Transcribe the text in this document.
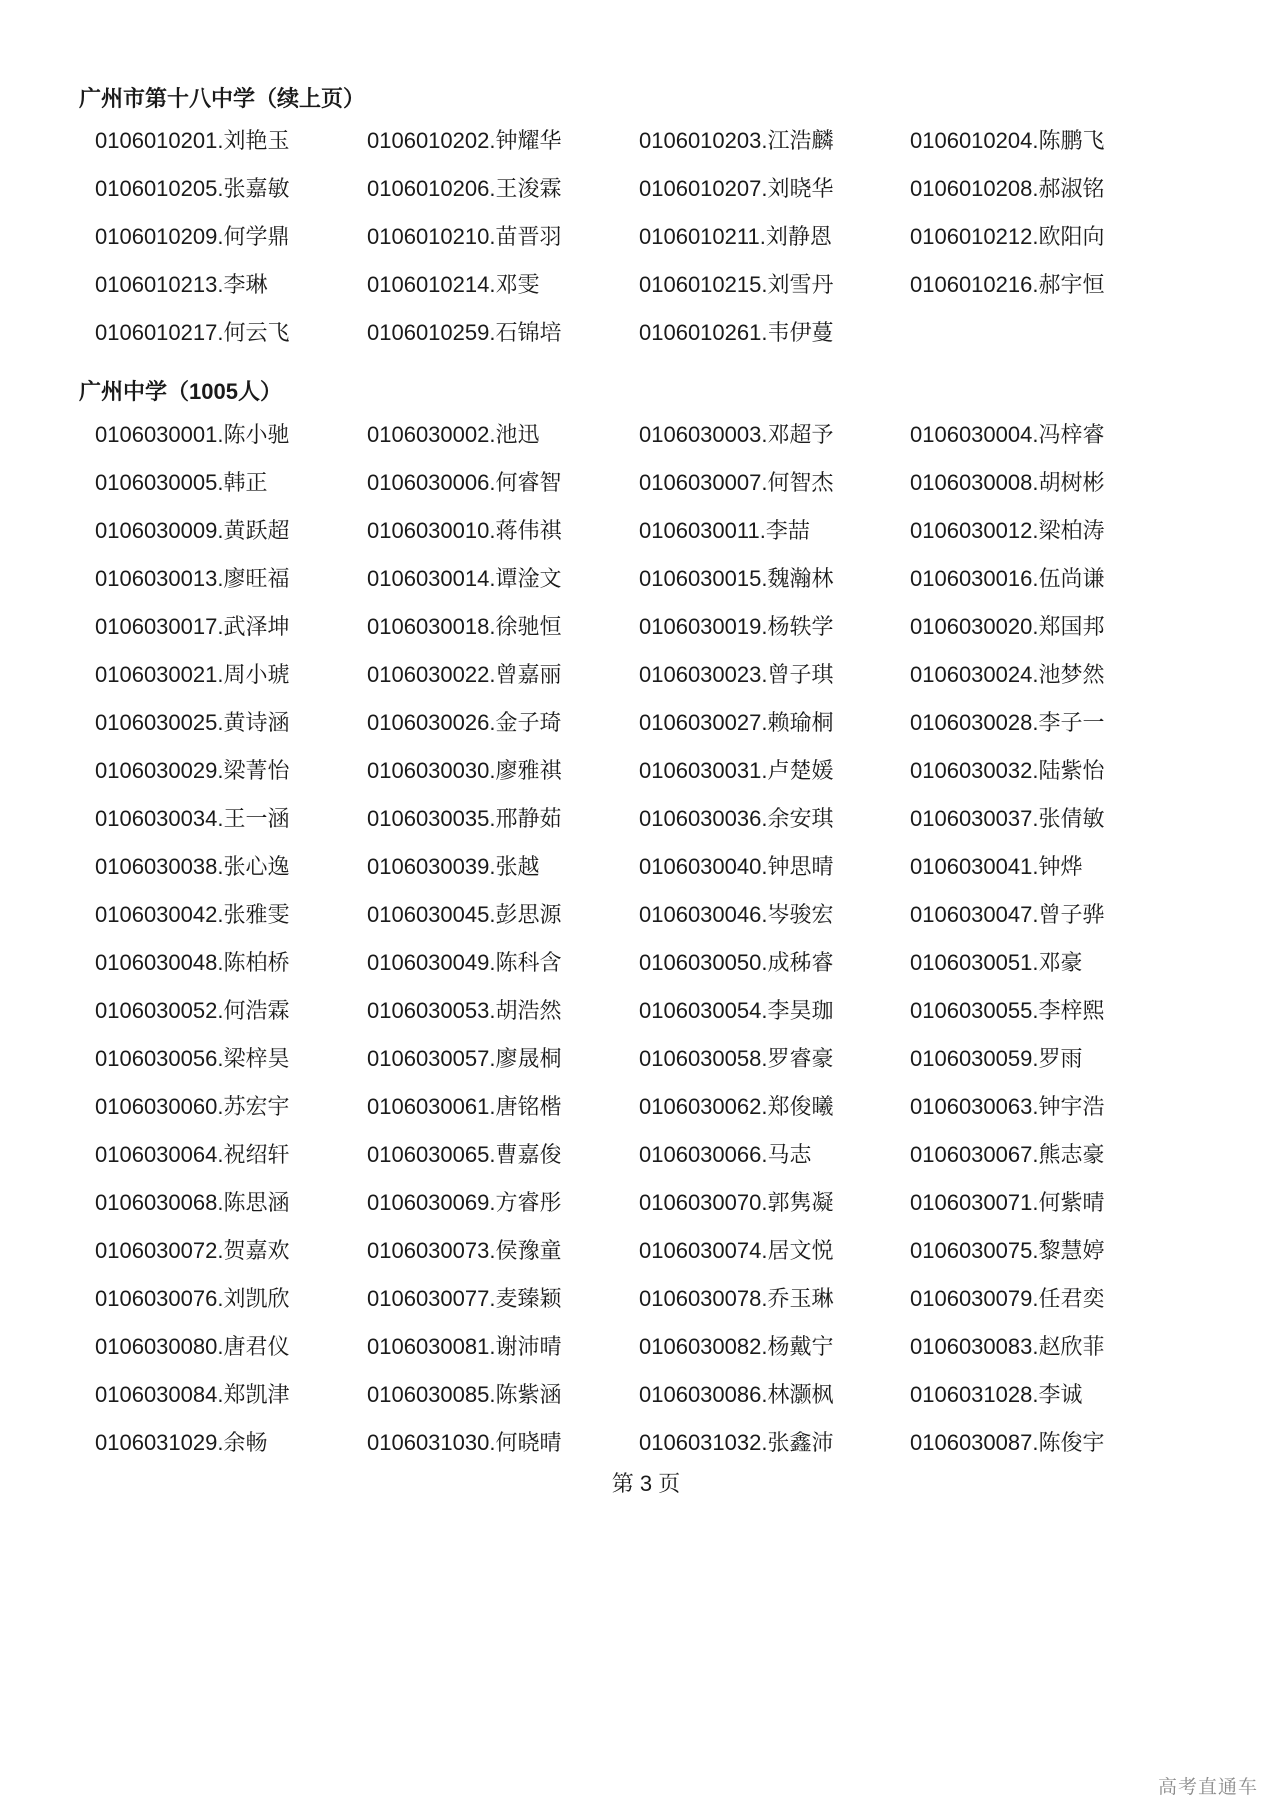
广州市第十八中学（续上页）
0106010201.刘艳玉	0106010202.钟耀华	0106010203.江浩麟	0106010204.陈鹏飞
0106010205.张嘉敏	0106010206.王浚霖	0106010207.刘晓华	0106010208.郝淑铭
0106010209.何学鼎	0106010210.苗晋羽	0106010211.刘静恩	0106010212.欧阳向
0106010213.李琳	0106010214.邓雯	0106010215.刘雪丹	0106010216.郝宇恒
0106010217.何云飞	0106010259.石锦培	0106010261.韦伊蔓
广州中学（1005人）
0106030001.陈小驰	0106030002.池迅	0106030003.邓超予	0106030004.冯梓睿
0106030005.韩正	0106030006.何睿智	0106030007.何智杰	0106030008.胡树彬
0106030009.黄跃超	0106030010.蒋伟祺	0106030011.李喆	0106030012.梁柏涛
0106030013.廖旺福	0106030014.谭淦文	0106030015.魏瀚林	0106030016.伍尚谦
0106030017.武泽坤	0106030018.徐驰恒	0106030019.杨轶学	0106030020.郑国邦
0106030021.周小琥	0106030022.曾嘉丽	0106030023.曾子琪	0106030024.池梦然
0106030025.黄诗涵	0106030026.金子琦	0106030027.赖瑜桐	0106030028.李子一
0106030029.梁菁怡	0106030030.廖雅祺	0106030031.卢楚媛	0106030032.陆紫怡
0106030034.王一涵	0106030035.邢静茹	0106030036.余安琪	0106030037.张倩敏
0106030038.张心逸	0106030039.张越	0106030040.钟思晴	0106030041.钟烨
0106030042.张雅雯	0106030045.彭思源	0106030046.岑骏宏	0106030047.曾子骅
0106030048.陈柏桥	0106030049.陈科含	0106030050.成秭睿	0106030051.邓豪
0106030052.何浩霖	0106030053.胡浩然	0106030054.李昊珈	0106030055.李梓熙
0106030056.梁梓昊	0106030057.廖晟桐	0106030058.罗睿豪	0106030059.罗雨
0106030060.苏宏宇	0106030061.唐铭楷	0106030062.郑俊曦	0106030063.钟宇浩
0106030064.祝绍轩	0106030065.曹嘉俊	0106030066.马志	0106030067.熊志豪
0106030068.陈思涵	0106030069.方睿彤	0106030070.郭隽凝	0106030071.何紫晴
0106030072.贺嘉欢	0106030073.侯豫童	0106030074.居文悦	0106030075.黎慧婷
0106030076.刘凯欣	0106030077.麦臻颖	0106030078.乔玉琳	0106030079.任君奕
0106030080.唐君仪	0106030081.谢沛晴	0106030082.杨戴宁	0106030083.赵欣菲
0106030084.郑凯津	0106030085.陈紫涵	0106030086.林灏枫	0106031028.李诚
0106031029.余畅	0106031030.何晓晴	0106031032.张鑫沛	0106030087.陈俊宇
第 3 页
高考直通车
